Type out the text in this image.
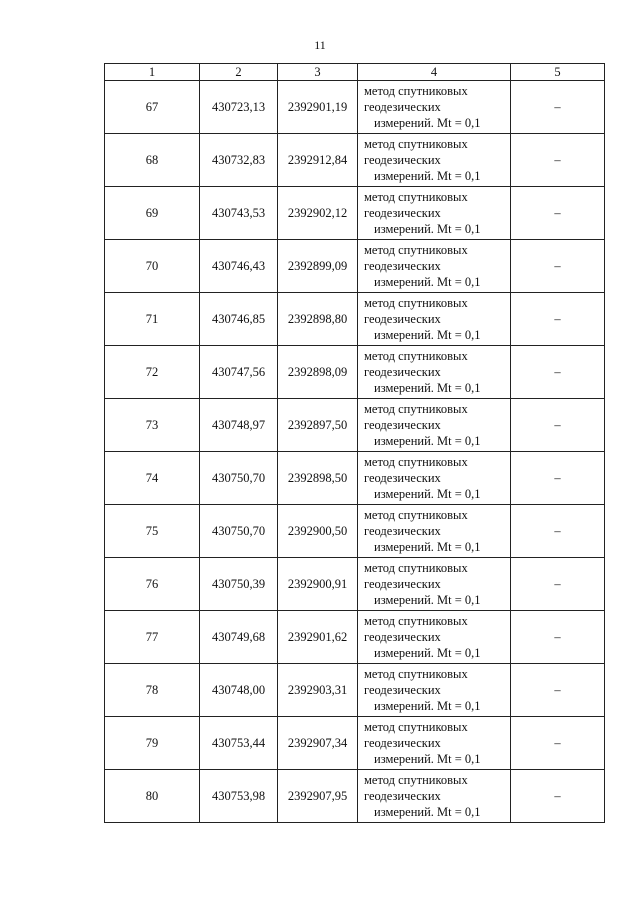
11
1	2	3	4	5
67	430723,13	2392901,19	метод спутниковых
геодезических
измерений. Mt = 0,1	–
68	430732,83	2392912,84	метод спутниковых
геодезических
измерений. Mt = 0,1	–
69	430743,53	2392902,12	метод спутниковых
геодезических
измерений. Mt = 0,1	–
70	430746,43	2392899,09	метод спутниковых
геодезических
измерений. Mt = 0,1	–
71	430746,85	2392898,80	метод спутниковых
геодезических
измерений. Mt = 0,1	–
72	430747,56	2392898,09	метод спутниковых
геодезических
измерений. Mt = 0,1	–
73	430748,97	2392897,50	метод спутниковых
геодезических
измерений. Mt = 0,1	–
74	430750,70	2392898,50	метод спутниковых
геодезических
измерений. Mt = 0,1	–
75	430750,70	2392900,50	метод спутниковых
геодезических
измерений. Mt = 0,1	–
76	430750,39	2392900,91	метод спутниковых
геодезических
измерений. Mt = 0,1	–
77	430749,68	2392901,62	метод спутниковых
геодезических
измерений. Mt = 0,1	–
78	430748,00	2392903,31	метод спутниковых
геодезических
измерений. Mt = 0,1	–
79	430753,44	2392907,34	метод спутниковых
геодезических
измерений. Mt = 0,1	–
80	430753,98	2392907,95	метод спутниковых
геодезических
измерений. Mt = 0,1	–
